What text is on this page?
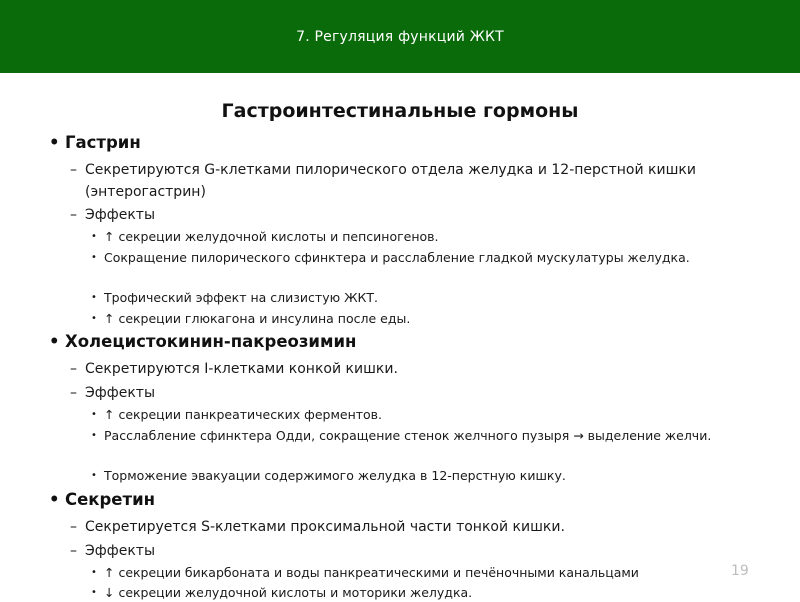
7. Регуляция функций ЖКТ
Гастроинтестинальные гормоны
• Гастрин
– Секретируются G-клетками пилорического отдела желудка и 12-перстной кишки (энтерогастрин)
– Эффекты
• ↑ секреции желудочной кислоты и пепсиногенов.
• Сокращение пилорического сфинктера и расслабление гладкой мускулатуры желудка.
• Трофический эффект на слизистую ЖКТ.
• ↑ секреции глюкагона и инсулина после еды.
• Холецистокинин-пакреозимин
– Секретируются I-клетками конкой кишки.
– Эффекты
• ↑ секреции панкреатических ферментов.
• Расслабление сфинктера Одди, сокращение стенок желчного пузыря → выделение желчи.
• Торможение эвакуации содержимого желудка в 12-перстную кишку.
• Секретин
– Секретируется S-клетками проксимальной части тонкой кишки.
– Эффекты
• ↑ секреции бикарбоната и воды панкреатическими и печёночными канальцами
• ↓ секреции желудочной кислоты и моторики желудка.
19
